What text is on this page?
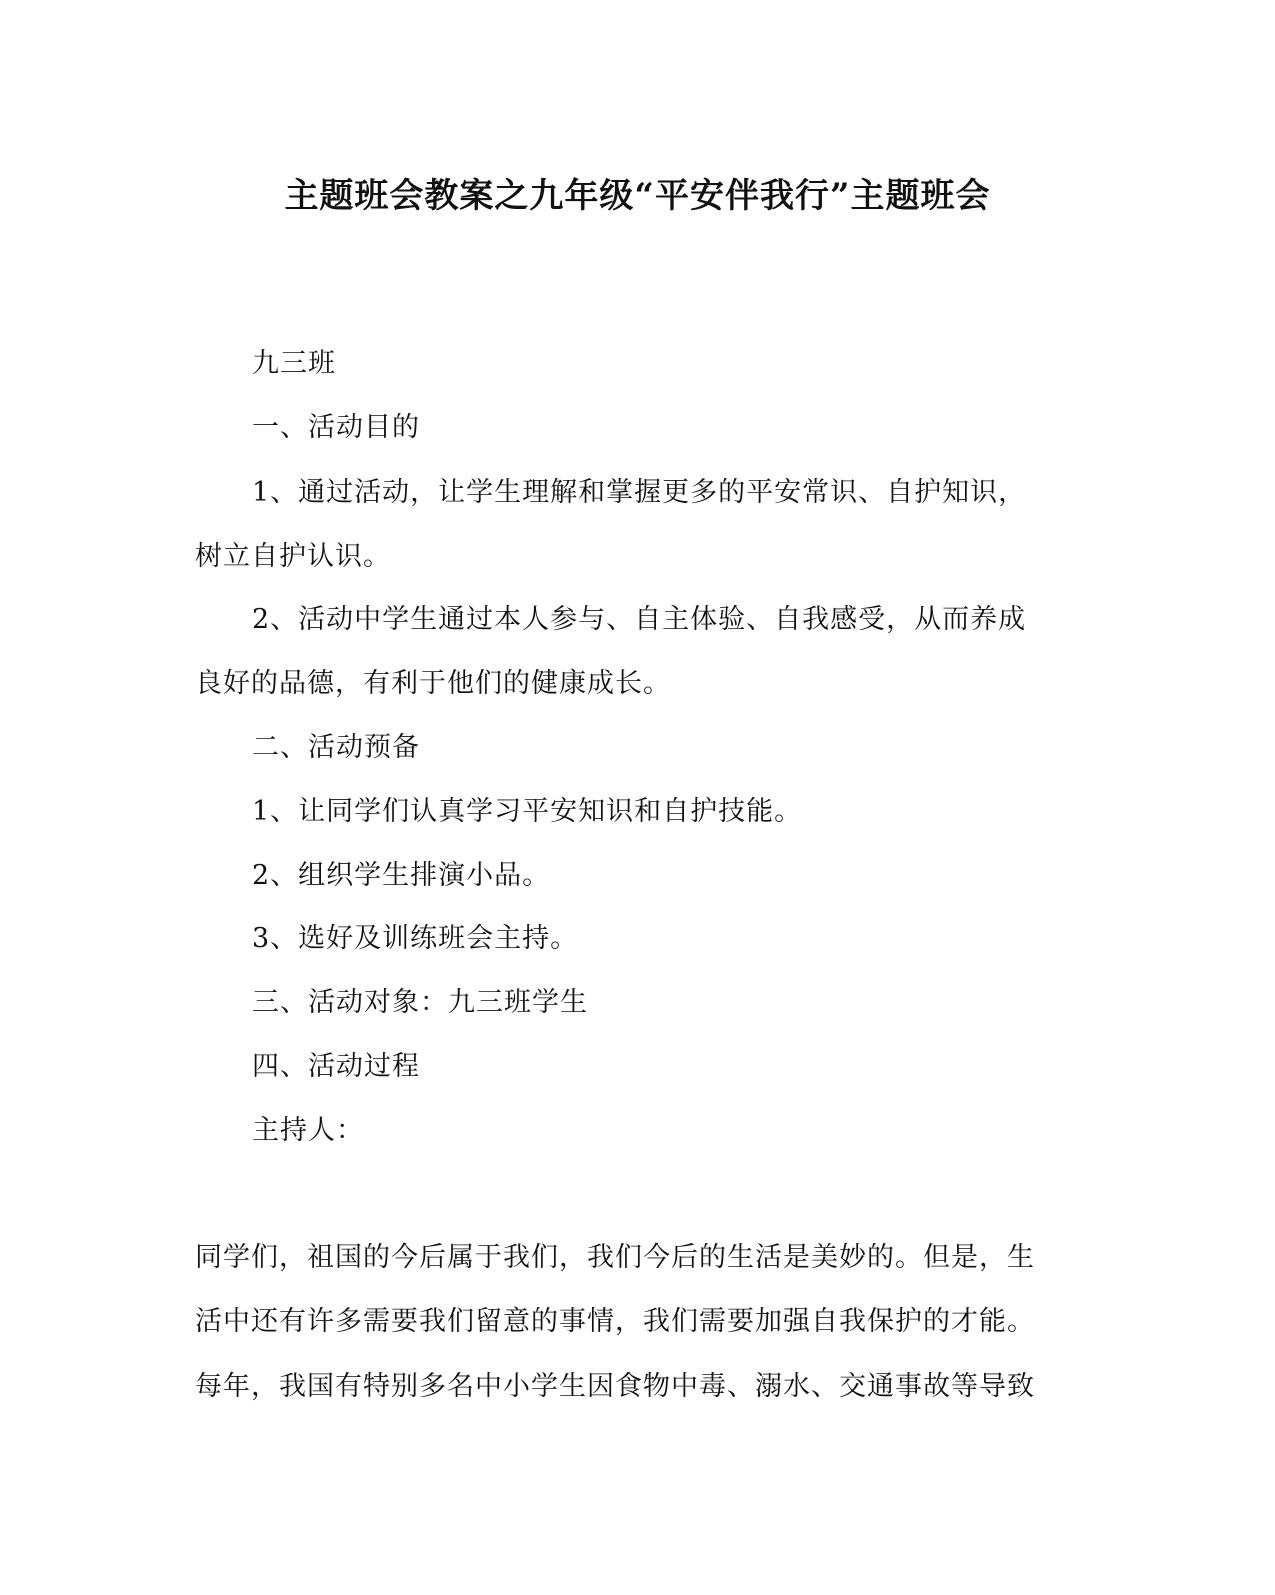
主题班会教案之九年级“平安伴我行”主题班会
九三班
一、活动目的
1、通过活动，让学生理解和掌握更多的平安常识、自护知识，
树立自护认识。
2、活动中学生通过本人参与、自主体验、自我感受，从而养成
良好的品德，有利于他们的健康成长。
二、活动预备
1、让同学们认真学习平安知识和自护技能。
2、组织学生排演小品。
3、选好及训练班会主持。
三、活动对象：九三班学生
四、活动过程
主持人：
同学们，祖国的今后属于我们，我们今后的生活是美妙的。但是，生
活中还有许多需要我们留意的事情，我们需要加强自我保护的才能。
每年，我国有特别多名中小学生因食物中毒、溺水、交通事故等导致
